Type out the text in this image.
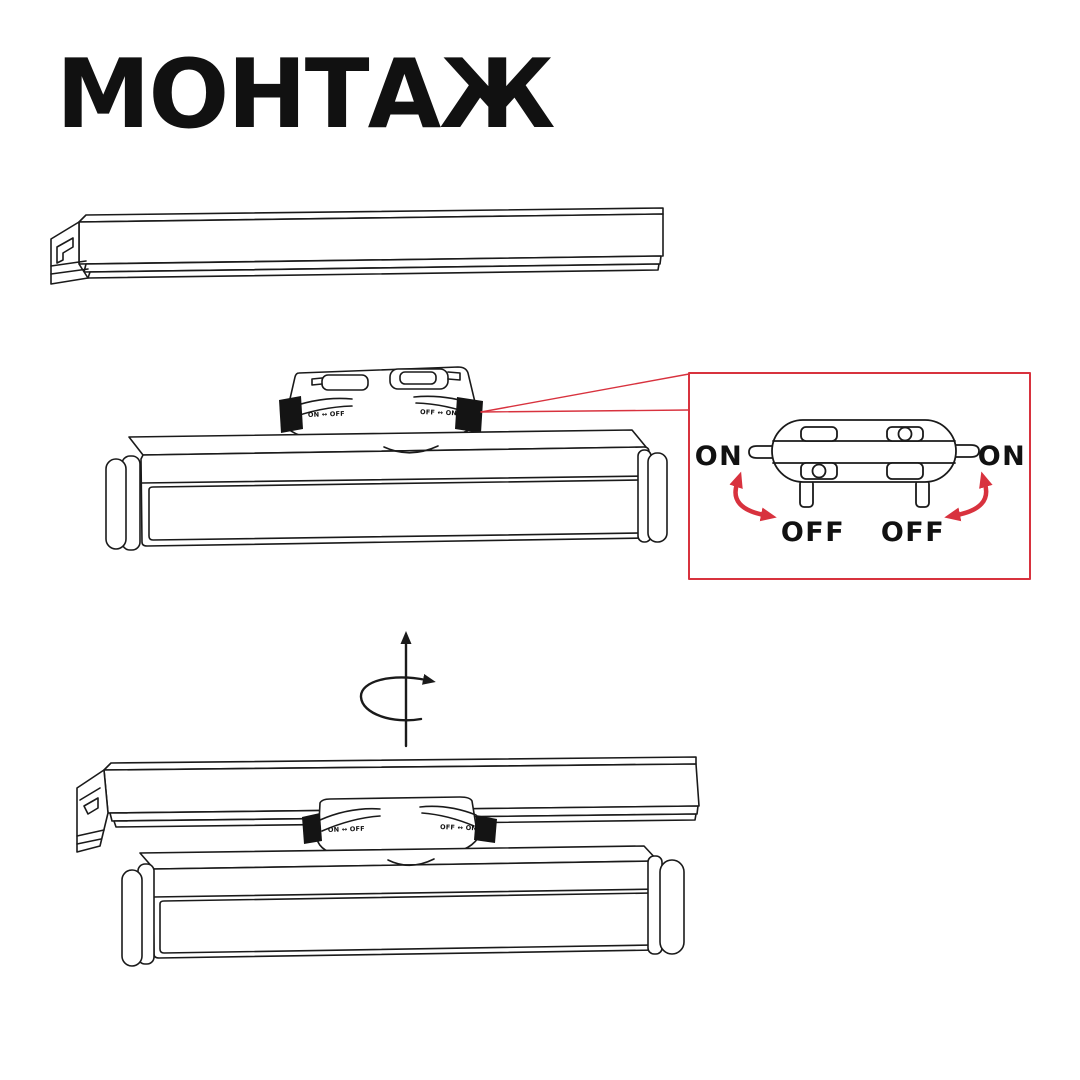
МОНТАЖ
ON ↔ OFF	OFF ↔ ON
ON	ON
OFF OFF
ON ↔ OFF	OFF ↔ ON
